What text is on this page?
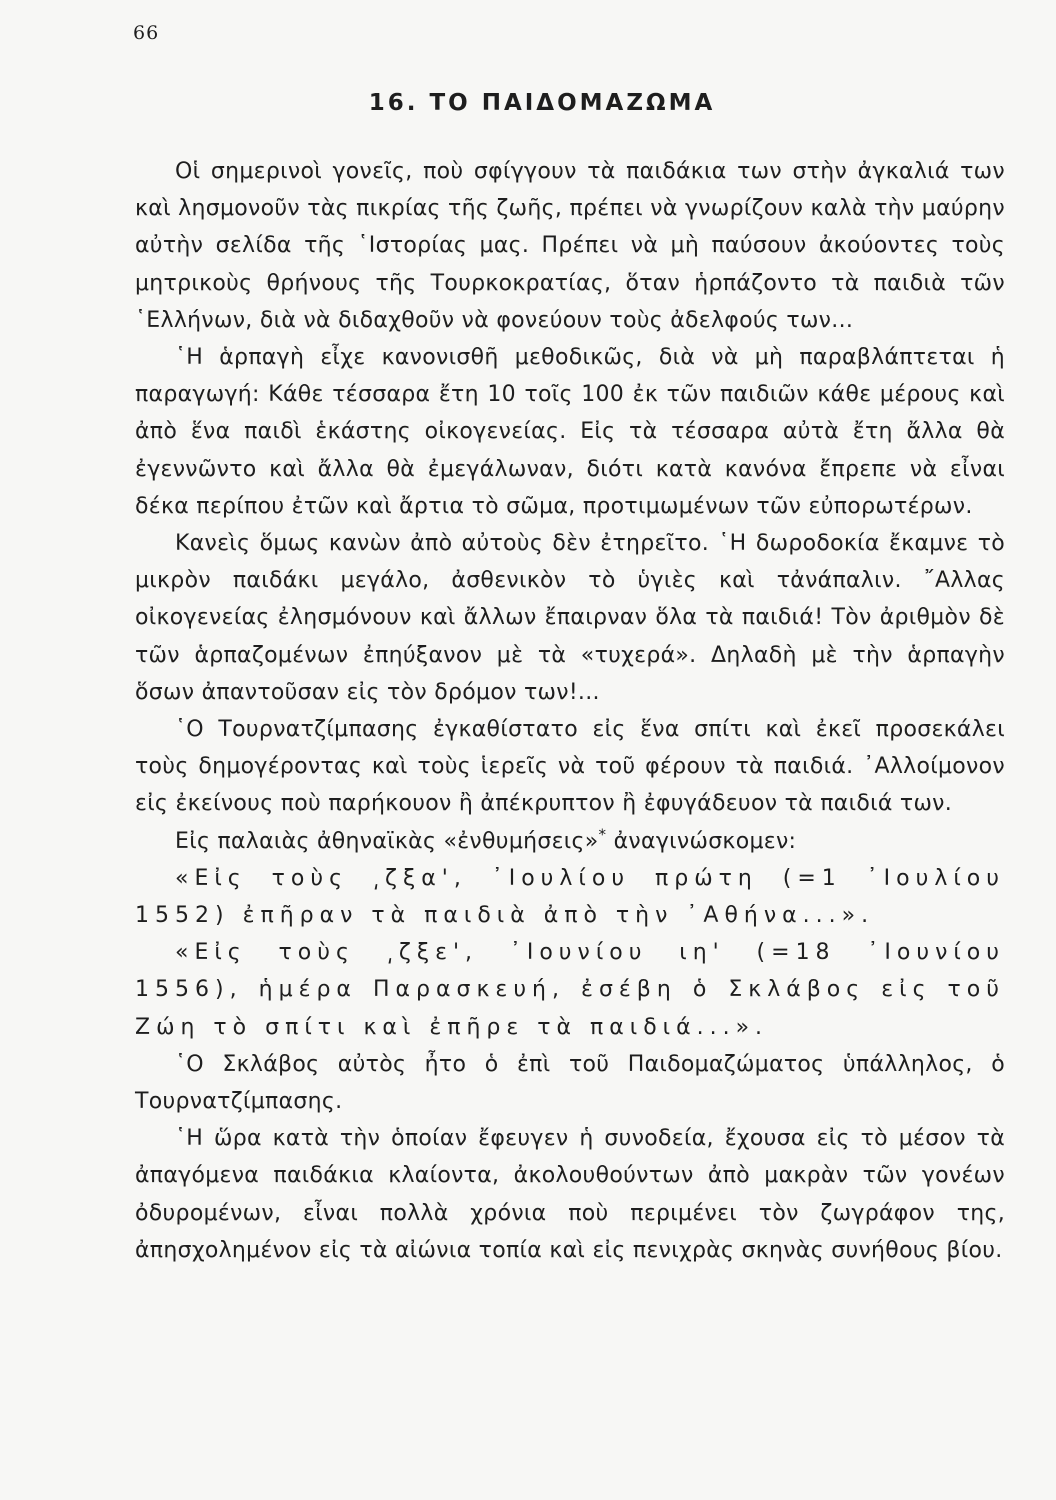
66
16. ΤΟ ΠΑΙΔΟΜΑΖΩΜΑ

Οἱ σημερινοὶ γονεῖς, ποὺ σφίγγουν τὰ παιδάκια των στὴν ἀγκαλιά των καὶ λησμονοῦν τὰς πικρίας τῆς ζωῆς, πρέπει νὰ γνωρίζουν καλὰ τὴν μαύρην αὐτὴν σελίδα τῆς ῾Ιστορίας μας. Πρέπει νὰ μὴ παύσουν ἀκούοντες τοὺς μητρικοὺς θρήνους τῆς Τουρκοκρατίας, ὅταν ἡρπάζοντο τὰ παιδιὰ τῶν ῾Ελλήνων, διὰ νὰ διδαχθοῦν νὰ φονεύουν τοὺς ἀδελφούς των...

῾Η ἁρπαγὴ εἶχε κανονισθῆ μεθοδικῶς, διὰ νὰ μὴ παραβλάπτεται ἡ παραγωγή: Κάθε τέσσαρα ἔτη 10 τοῖς 100 ἐκ τῶν παιδιῶν κάθε μέρους καὶ ἀπὸ ἕνα παιδὶ ἑκάστης οἰκογενείας. Εἰς τὰ τέσσαρα αὐτὰ ἔτη ἄλλα θὰ ἐγεννῶντο καὶ ἄλλα θὰ ἐμεγάλωναν, διότι κατὰ κανόνα ἔπρεπε νὰ εἶναι δέκα περίπου ἐτῶν καὶ ἄρτια τὸ σῶμα, προτιμωμένων τῶν εὐπορωτέρων.

Κανεὶς ὅμως κανὼν ἀπὸ αὐτοὺς δὲν ἐτηρεῖτο. ῾Η δωροδοκία ἔκαμνε τὸ μικρὸν παιδάκι μεγάλο, ἀσθενικὸν τὸ ὑγιὲς καὶ τἀνάπαλιν. ῎Αλλας οἰκογενείας ἐλησμόνουν καὶ ἄλλων ἔπαιρναν ὅλα τὰ παιδιά! Τὸν ἀριθμὸν δὲ τῶν ἁρπαζομένων ἐπηύξανον μὲ τὰ «τυχερά». Δηλαδὴ μὲ τὴν ἁρπαγὴν ὅσων ἀπαντοῦσαν εἰς τὸν δρόμον των!...

῾Ο Τουρνατζίμπασης ἐγκαθίστατο εἰς ἕνα σπίτι καὶ ἐκεῖ προσεκάλει τοὺς δημογέροντας καὶ τοὺς ἱερεῖς νὰ τοῦ φέρουν τὰ παιδιά. ᾿Αλλοίμονον εἰς ἐκείνους ποὺ παρήκουον ἢ ἀπέκρυπτον ἢ ἐφυγάδευον τὰ παιδιά των.

Εἰς παλαιὰς ἀθηναϊκὰς «ἐνθυμήσεις»* ἀναγινώσκομεν:

«Εἰς τοὺς ͵ζξα', ᾿Ιουλίου πρώτη (=1 ᾿Ιουλίου 1552) ἐπῆραν τὰ παιδιὰ ἀπὸ τὴν ᾿Αθήνα...».

«Εἰς τοὺς ͵ζξε', ᾿Ιουνίου ιη' (=18 ᾿Ιουνίου 1556), ἡμέρα Παρασκευή, ἐσέβη ὁ Σκλάβος εἰς τοῦ Ζώη τὸ σπίτι καὶ ἐπῆρε τὰ παιδιά...».

῾Ο Σκλάβος αὐτὸς ἦτο ὁ ἐπὶ τοῦ Παιδομαζώματος ὑπάλληλος, ὁ Τουρνατζίμπασης.

῾Η ὥρα κατὰ τὴν ὁποίαν ἔφευγεν ἡ συνοδεία, ἔχουσα εἰς τὸ μέσον τὰ ἀπαγόμενα παιδάκια κλαίοντα, ἀκολουθούντων ἀπὸ μακρὰν τῶν γονέων ὀδυρομένων, εἶναι πολλὰ χρόνια ποὺ περιμένει τὸν ζωγράφον της, ἀπησχολημένον εἰς τὰ αἰώνια τοπία καὶ εἰς πενιχρὰς σκηνὰς συνήθους βίου.
